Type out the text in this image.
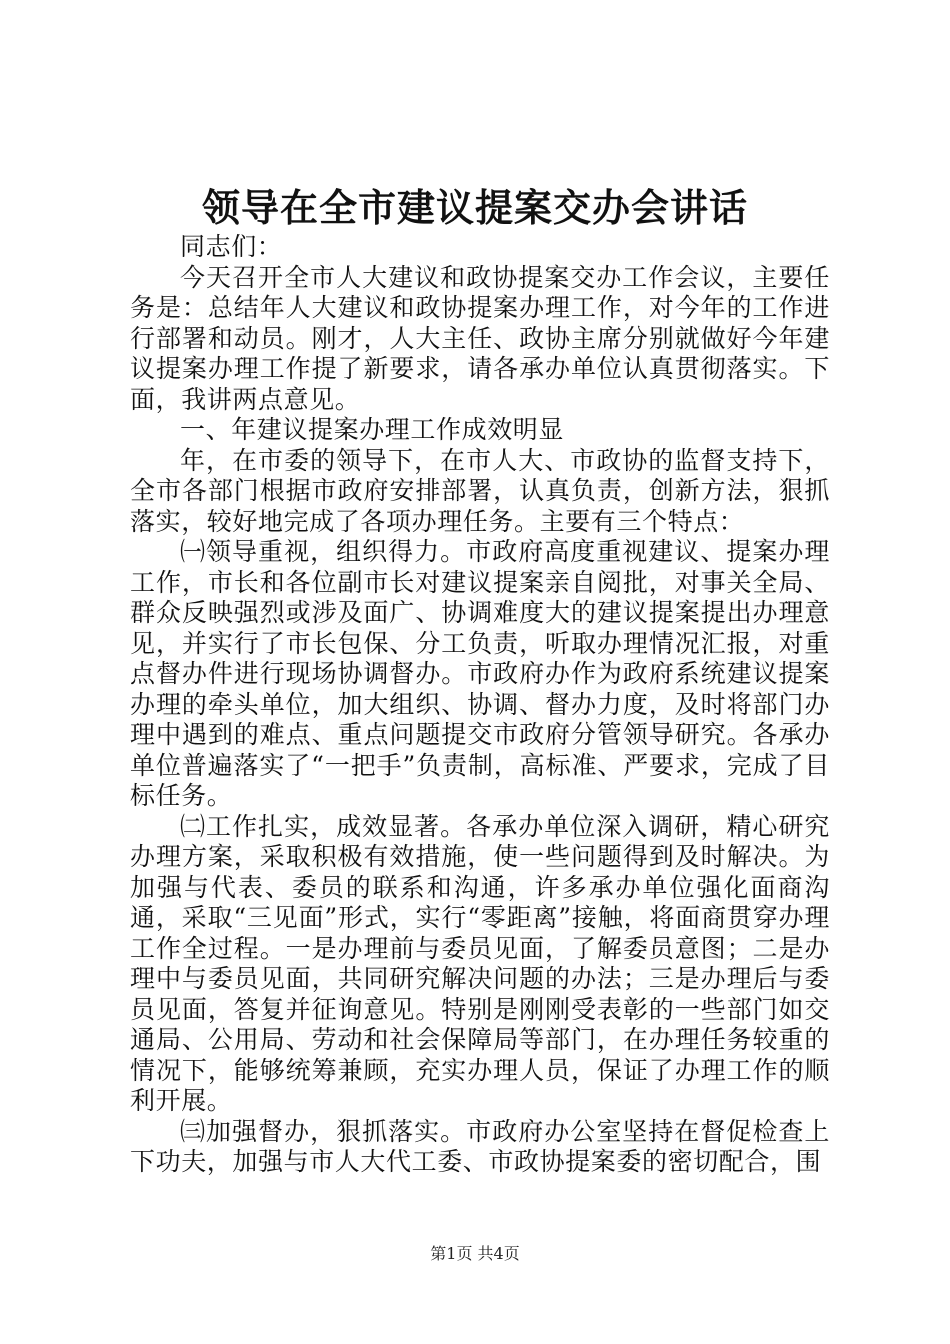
领导在全市建议提案交办会讲话

同志们：

今天召开全市人大建议和政协提案交办工作会议，主要任务是：总结年人大建议和政协提案办理工作，对今年的工作进行部署和动员。刚才，人大主任、政协主席分别就做好今年建议提案办理工作提了新要求，请各承办单位认真贯彻落实。下面，我讲两点意见。

一、年建议提案办理工作成效明显

年，在市委的领导下，在市人大、市政协的监督支持下，全市各部门根据市政府安排部署，认真负责，创新方法，狠抓落实，较好地完成了各项办理任务。主要有三个特点：

㈠领导重视，组织得力。市政府高度重视建议、提案办理工作，市长和各位副市长对建议提案亲自阅批，对事关全局、群众反映强烈或涉及面广、协调难度大的建议提案提出办理意见，并实行了市长包保、分工负责，听取办理情况汇报，对重点督办件进行现场协调督办。市政府办作为政府系统建议提案办理的牵头单位，加大组织、协调、督办力度，及时将部门办理中遇到的难点、重点问题提交市政府分管领导研究。各承办单位普遍落实了“一把手”负责制，高标准、严要求，完成了目标任务。

㈡工作扎实，成效显著。各承办单位深入调研，精心研究办理方案，采取积极有效措施，使一些问题得到及时解决。为加强与代表、委员的联系和沟通，许多承办单位强化面商沟通，采取“三见面”形式，实行“零距离”接触，将面商贯穿办理工作全过程。一是办理前与委员见面，了解委员意图；二是办理中与委员见面，共同研究解决问题的办法；三是办理后与委员见面，答复并征询意见。特别是刚刚受表彰的一些部门如交通局、公用局、劳动和社会保障局等部门，在办理任务较重的情况下，能够统筹兼顾，充实办理人员，保证了办理工作的顺利开展。

㈢加强督办，狠抓落实。市政府办公室坚持在督促检查上下功夫，加强与市人大代工委、市政协提案委的密切配合，围

第1页 共4页
